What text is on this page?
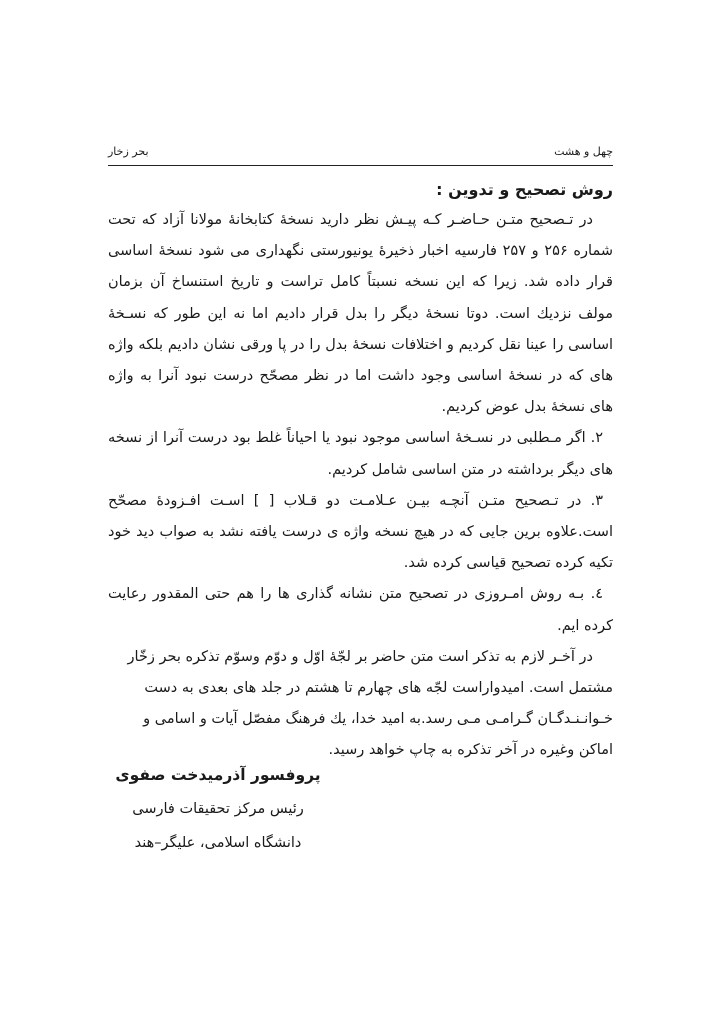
چهل و هشت
بحر زخار

روش تصحیح و تدوین :

در تـصحیح متـن حـاضـر کـه پیـش نظر دارید نسخۀ کتابخانۀ مولانا آزاد که تحت شماره ۲۵۶ و ۲۵۷ فارسیه اخبار ذخیرۀ یونیورستی نگهداری می شود نسخۀ اساسی قرار داده شد. زیرا که این نسخه نسبتاً کامل تراست و تاریخ استنساخ آن بزمان مولف نزدیك است. دوتا نسخۀ دیگر را بدل قرار دادیم اما نه این طور که نسـخۀ اساسی را عینا نقل کردیم و اختلافات نسخۀ بدل را در پا ورقی نشان دادیم بلکه واژه های که در نسخۀ اساسی وجود داشت اما در نظر مصحّح درست نبود آنرا به واژه های نسخۀ بدل عوض کردیم.

۲. اگر مـطلبی در نسـخۀ اساسی موجود نبود یا احیاناً غلط بود درست آنرا از نسخه های دیگر برداشته در متن اساسی شامل کردیم.

۳. در تـصحیح متـن آنچـه بیـن عـلامـت دو قـلاب [ ] اسـت افـزودۀ مصحّح است.علاوه برین جایی که در هیچ نسخه واژه ی درست یافته نشد به صواب دید خود تکیه کرده تصحیح قیاسی کرده شد.

٤. بـه روش امـروزی در تصحیح متن نشانه گذاری ها را هم حتی المقدور رعایت کرده ایم.

در آخـر لازم به تذکر است متن حاضر بر لجّۀ اوّل و دوّم وسوّم تذکره بحر زخّار مشتمل است. امیدواراست لجّه های چهارم تا هشتم در جلد های بعدی به دست خـوانـنـدگـان گـرامـی مـی رسد.به امید خدا، یك فرهنگ مفصّل آیات و اسامی و اماکن وغیره در آخر تذکره به چاپ خواهد رسید.

پروفسور آذرمیدخت صفوی
رئیس مرکز تحقیقات فارسی
دانشگاه اسلامی، علیگر–هند
